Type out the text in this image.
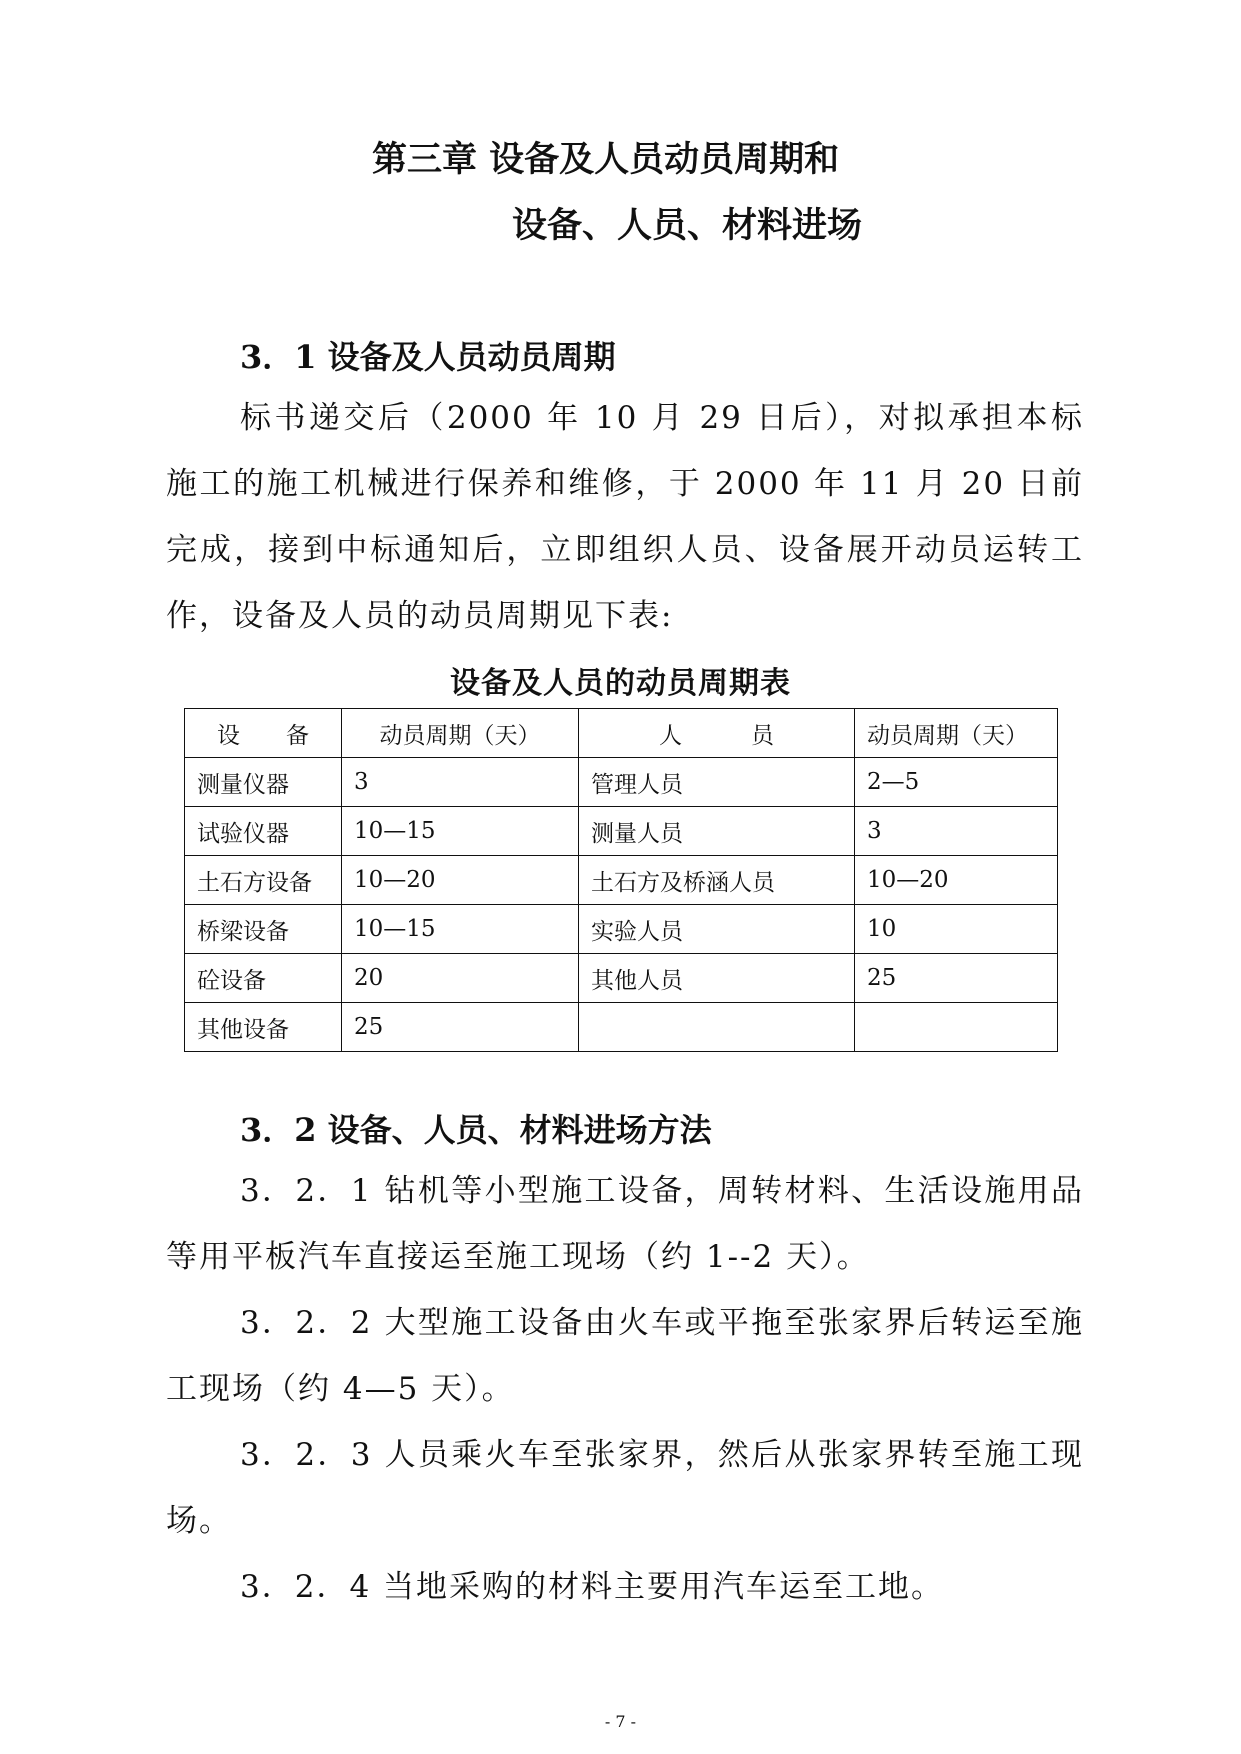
第三章 设备及人员动员周期和
设备、人员、材料进场
3．1 设备及人员动员周期
标书递交后（2000 年 10 月 29 日后），对拟承担本标施工的施工机械进行保养和维修，于 2000 年 11 月 20 日前完成，接到中标通知后，立即组织人员、设备展开动员运转工作，设备及人员的动员周期见下表:
设备及人员的动员周期表
设　　备	动员周期（天）	人　　　员	动员周期（天）
测量仪器	3	管理人员	2—5
试验仪器	10—15	测量人员	3
土石方设备	10—20	土石方及桥涵人员	10—20
桥梁设备	10—15	实验人员	10
砼设备	20	其他人员	25
其他设备	25		
3．2 设备、人员、材料进场方法
3．2．1 钻机等小型施工设备，周转材料、生活设施用品等用平板汽车直接运至施工现场（约 1--2 天）。
3．2．2 大型施工设备由火车或平拖至张家界后转运至施工现场（约 4—5 天）。
3．2．3 人员乘火车至张家界，然后从张家界转至施工现场。
3．2．4 当地采购的材料主要用汽车运至工地。
- 7 -
